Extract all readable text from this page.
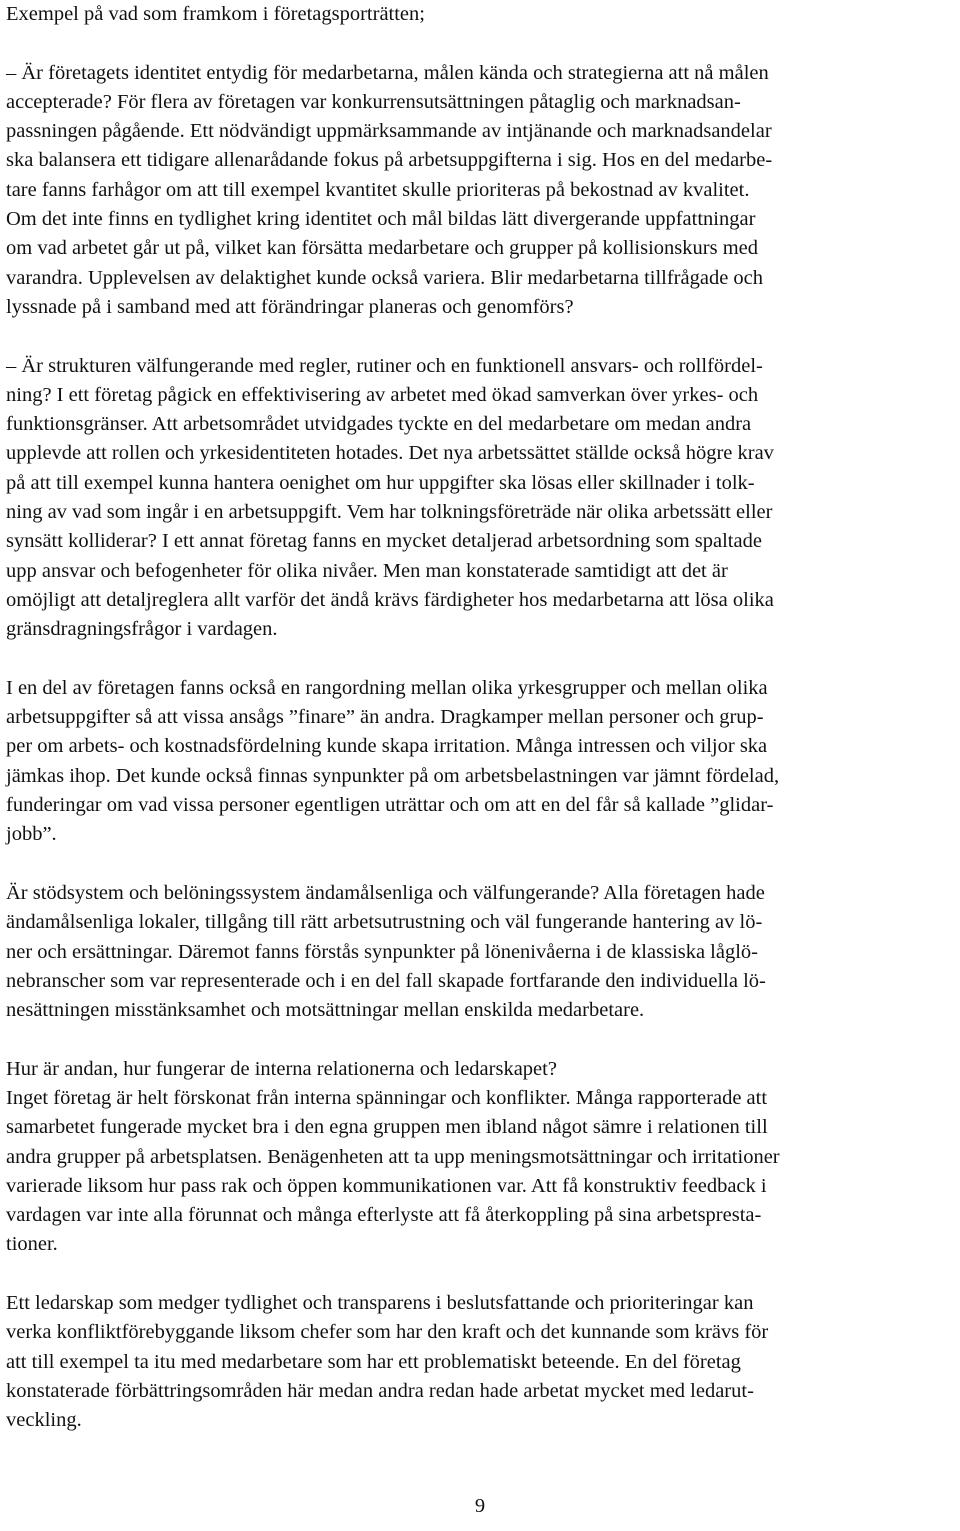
Exempel på vad som framkom i företagsporträtten;
– Är företagets identitet entydig för medarbetarna, målen kända och strategierna att nå målen
accepterade? För flera av företagen var konkurrensutsättningen påtaglig och marknadsan-
passningen pågående. Ett nödvändigt uppmärksammande av intjänande och marknadsandelar
ska balansera ett tidigare allenarådande fokus på arbetsuppgifterna i sig. Hos en del medarbe-
tare fanns farhågor om att till exempel kvantitet skulle prioriteras på bekostnad av kvalitet.
Om det inte finns en tydlighet kring identitet och mål bildas lätt divergerande uppfattningar
om vad arbetet går ut på, vilket kan försätta medarbetare och grupper på kollisionskurs med
varandra. Upplevelsen av delaktighet kunde också variera. Blir medarbetarna tillfrågade och
lyssnade på i samband med att förändringar planeras och genomförs?
– Är strukturen välfungerande med regler, rutiner och en funktionell ansvars- och rollfördel-
ning? I ett företag pågick en effektivisering av arbetet med ökad samverkan över yrkes- och
funktionsgränser. Att arbetsområdet utvidgades tyckte en del medarbetare om medan andra
upplevde att rollen och yrkesidentiteten hotades. Det nya arbetssättet ställde också högre krav
på att till exempel kunna hantera oenighet om hur uppgifter ska lösas eller skillnader i tolk-
ning av vad som ingår i en arbetsuppgift. Vem har tolkningsföreträde när olika arbetssätt eller
synsätt kolliderar? I ett annat företag fanns en mycket detaljerad arbetsordning som spaltade
upp ansvar och befogenheter för olika nivåer. Men man konstaterade samtidigt att det är
omöjligt att detaljreglera allt varför det ändå krävs färdigheter hos medarbetarna att lösa olika
gränsdragningsfrågor i vardagen.
I en del av företagen fanns också en rangordning mellan olika yrkesgrupper och mellan olika
arbetsuppgifter så att vissa ansågs ”finare” än andra. Dragkamper mellan personer och grup-
per om arbets- och kostnadsfördelning kunde skapa irritation. Många intressen och viljor ska
jämkas ihop. Det kunde också finnas synpunkter på om arbetsbelastningen var jämnt fördelad,
funderingar om vad vissa personer egentligen uträttar och om att en del får så kallade ”glidar-
jobb”.
Är stödsystem och belöningssystem ändamålsenliga och välfungerande? Alla företagen hade
ändamålsenliga lokaler, tillgång till rätt arbetsutrustning och väl fungerande hantering av lö-
ner och ersättningar. Däremot fanns förstås synpunkter på lönenivåerna i de klassiska låglö-
nebranscher som var representerade och i en del fall skapade fortfarande den individuella lö-
nesättningen misstänksamhet och motsättningar mellan enskilda medarbetare.
Hur är andan, hur fungerar de interna relationerna och ledarskapet?
Inget företag är helt förskonat från interna spänningar och konflikter. Många rapporterade att
samarbetet fungerade mycket bra i den egna gruppen men ibland något sämre i relationen till
andra grupper på arbetsplatsen. Benägenheten att ta upp meningsmotsättningar och irritationer
varierade liksom hur pass rak och öppen kommunikationen var. Att få konstruktiv feedback i
vardagen var inte alla förunnat och många efterlyste att få återkoppling på sina arbetspresta-
tioner.
Ett ledarskap som medger tydlighet och transparens i beslutsfattande och prioriteringar kan
verka konfliktförebyggande liksom chefer som har den kraft och det kunnande som krävs för
att till exempel ta itu med medarbetare som har ett problematiskt beteende. En del företag
konstaterade förbättringsområden här medan andra redan hade arbetat mycket med ledarut-
veckling.
9
